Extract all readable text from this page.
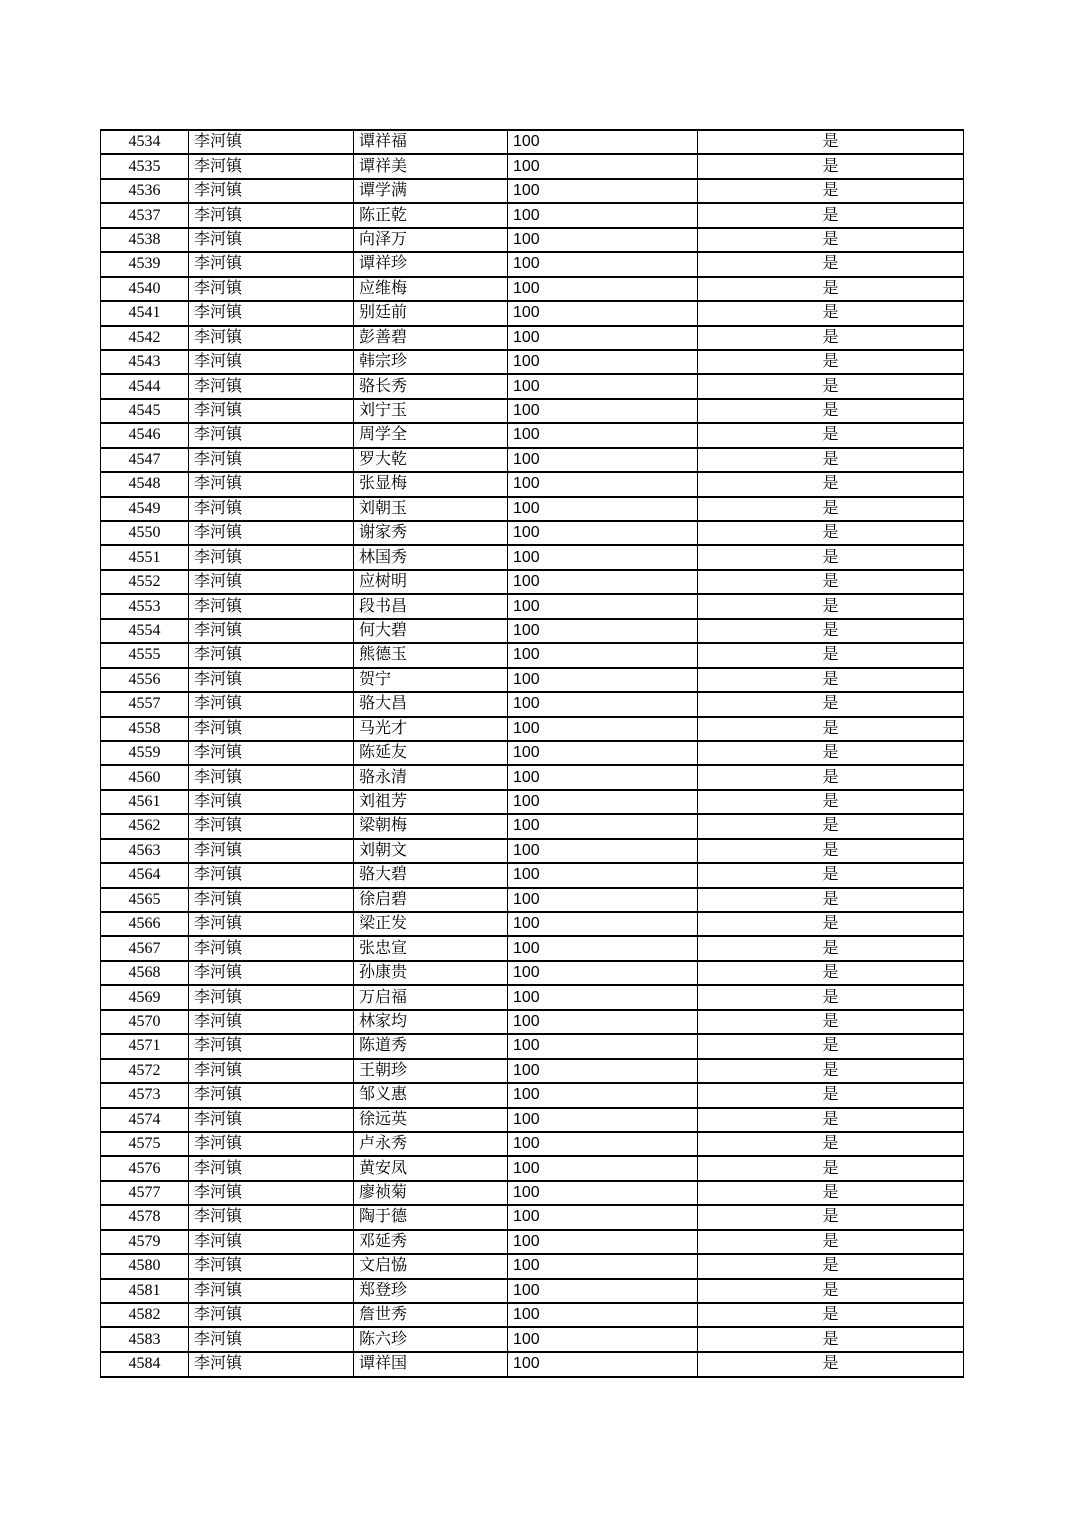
4534	李河镇	谭祥福	100	是
4535	李河镇	谭祥美	100	是
4536	李河镇	谭学满	100	是
4537	李河镇	陈正乾	100	是
4538	李河镇	向泽万	100	是
4539	李河镇	谭祥珍	100	是
4540	李河镇	应维梅	100	是
4541	李河镇	别廷前	100	是
4542	李河镇	彭善碧	100	是
4543	李河镇	韩宗珍	100	是
4544	李河镇	骆长秀	100	是
4545	李河镇	刘宁玉	100	是
4546	李河镇	周学全	100	是
4547	李河镇	罗大乾	100	是
4548	李河镇	张显梅	100	是
4549	李河镇	刘朝玉	100	是
4550	李河镇	谢家秀	100	是
4551	李河镇	林国秀	100	是
4552	李河镇	应树明	100	是
4553	李河镇	段书昌	100	是
4554	李河镇	何大碧	100	是
4555	李河镇	熊德玉	100	是
4556	李河镇	贺宁	100	是
4557	李河镇	骆大昌	100	是
4558	李河镇	马光才	100	是
4559	李河镇	陈延友	100	是
4560	李河镇	骆永清	100	是
4561	李河镇	刘祖芳	100	是
4562	李河镇	梁朝梅	100	是
4563	李河镇	刘朝文	100	是
4564	李河镇	骆大碧	100	是
4565	李河镇	徐启碧	100	是
4566	李河镇	梁正发	100	是
4567	李河镇	张忠宣	100	是
4568	李河镇	孙康贵	100	是
4569	李河镇	万启福	100	是
4570	李河镇	林家均	100	是
4571	李河镇	陈道秀	100	是
4572	李河镇	王朝珍	100	是
4573	李河镇	邹义惠	100	是
4574	李河镇	徐远英	100	是
4575	李河镇	卢永秀	100	是
4576	李河镇	黄安凤	100	是
4577	李河镇	廖祯菊	100	是
4578	李河镇	陶于德	100	是
4579	李河镇	邓延秀	100	是
4580	李河镇	文启恊	100	是
4581	李河镇	郑登珍	100	是
4582	李河镇	詹世秀	100	是
4583	李河镇	陈六珍	100	是
4584	李河镇	谭祥国	100	是
